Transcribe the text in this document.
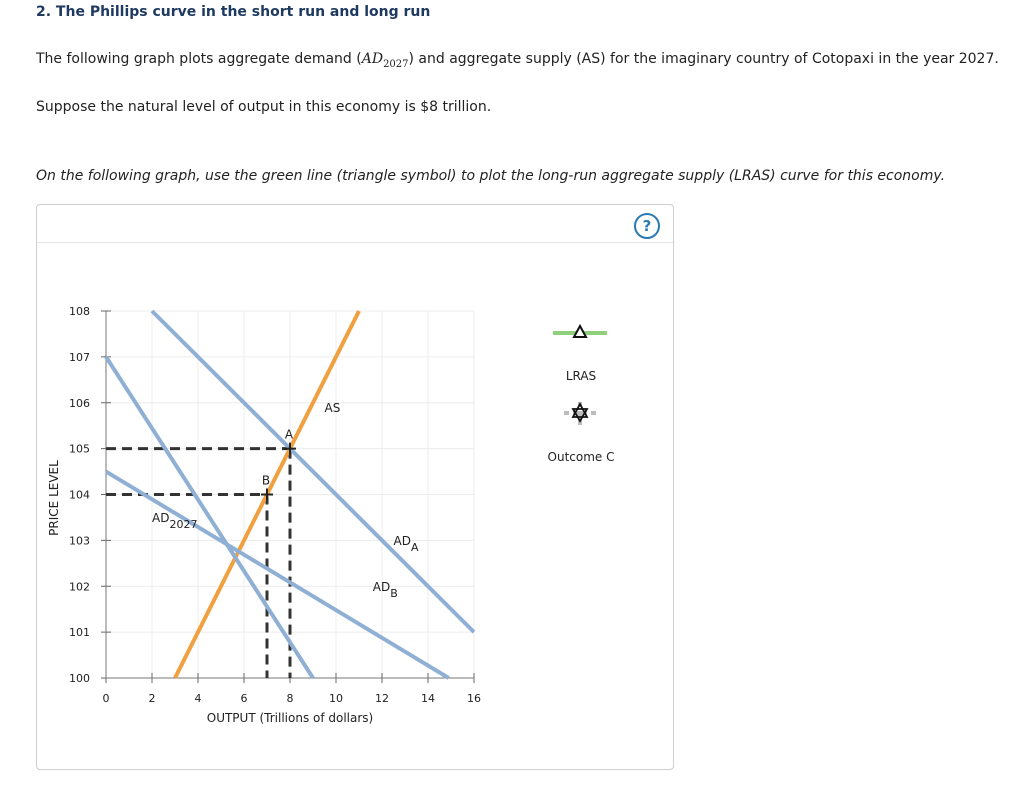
2. The Phillips curve in the short run and long run
The following graph plots aggregate demand $(AD_{2027})$ and aggregate supply (AS) for the imaginary country of Cotopaxi in the year 2027.
Suppose the natural level of output in this economy is $8 trillion.
On the following graph, use the green line (triangle symbol) to plot the long-run aggregate supply (LRAS) curve for this economy.
?
0	2	4	6	8	10	12	14	16
100
101
102
103
104
105
106
107
108
A
B
AS
AD2027
ADA
ADB
OUTPUT (Trillions of dollars)
PRICE LEVEL
LRAS
Outcome C
